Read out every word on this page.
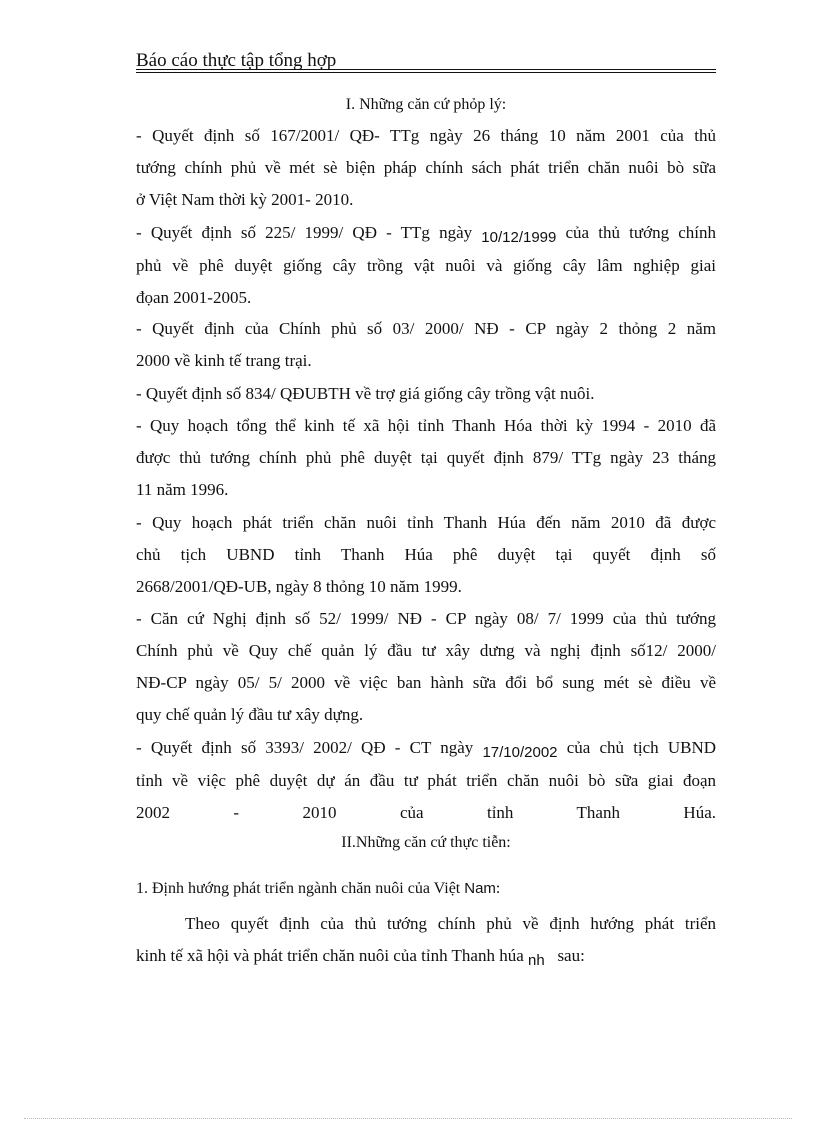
Báo cáo thực tập tổng hợp
I. Những căn cứ phỏp lý:
- Quyết định số 167/2001/ QĐ- TTg ngày 26 tháng 10 năm 2001 của thủ
tướng chính phủ về mét sè biện pháp chính sách phát triển chăn nuôi bò sữa
ở Việt Nam thời kỳ 2001- 2010.
- Quyết định số 225/ 1999/ QĐ - TTg ngày 10/12/1999 của thủ tướng chính
phủ về phê duyệt giống cây trồng vật nuôi và giống cây lâm nghiệp giai
đọan 2001-2005.
- Quyết định của Chính phủ số 03/ 2000/ NĐ - CP ngày 2 thỏng 2 năm
2000 về kinh tế trang trại.
- Quyết định số 834/ QĐUBTH về trợ giá giống cây trồng vật nuôi.
- Quy hoạch tổng thể kinh tế xã hội tỉnh Thanh Hóa thời kỳ 1994 - 2010 đã
được thủ tướng chính phủ phê duyệt tại quyết định 879/ TTg ngày 23 tháng
11 năm 1996.
- Quy hoạch phát triển chăn nuôi tỉnh Thanh Húa đến năm 2010 đã được
chủ tịch UBND tỉnh Thanh Húa phê duyệt tại quyết định số
2668/2001/QĐ-UB, ngày 8 thỏng 10 năm 1999.
- Căn cứ Nghị định số 52/ 1999/ NĐ - CP ngày 08/ 7/ 1999 của thủ tướng
Chính phủ về Quy chế quản lý đầu tư xây dưng và nghị định số12/ 2000/
NĐ-CP ngày 05/ 5/ 2000 về việc ban hành sữa đổi bổ sung mét sè điều về
quy chế quản lý đầu tư xây dựng.
- Quyết định số 3393/ 2002/ QĐ - CT ngày 17/10/2002 của chủ tịch UBND
tỉnh về việc phê duyệt dự án đầu tư phát triển chăn nuôi bò sữa giai đoạn
2002 - 2010 của tỉnh Thanh Húa.
II.Những căn cứ thực tiễn:
1. Định hướng phát triển ngành chăn nuôi của Việt Nam:
Theo quyết định của thủ tướng chính phủ về định hướng phát triển
kinh tế xã hội và phát triển chăn nuôi của tỉnh Thanh húa nh sau:
